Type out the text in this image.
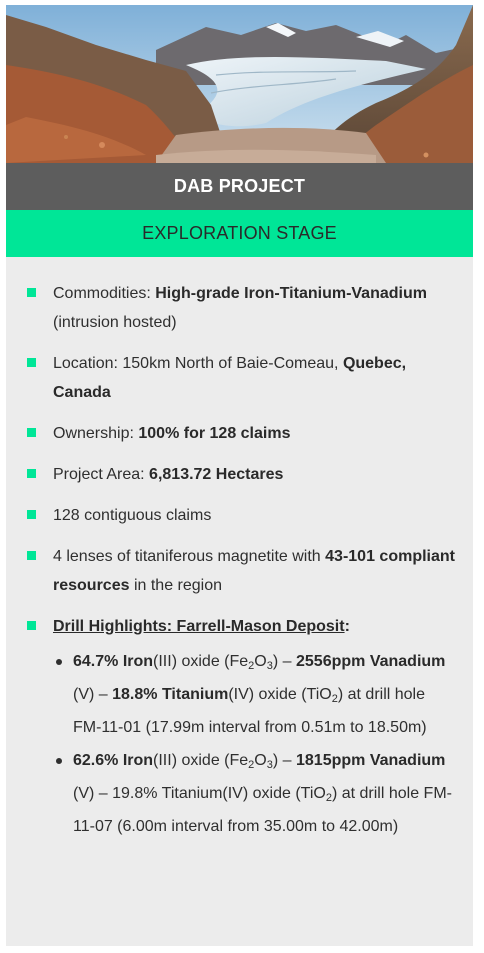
DAB PROJECT
EXPLORATION STAGE
Commodities: High-grade Iron-Titanium-Vanadium (intrusion hosted)
Location: 150km North of Baie-Comeau, Quebec, Canada
Ownership: 100% for 128 claims
Project Area: 6,813.72 Hectares
128 contiguous claims
4 lenses of titaniferous magnetite with 43-101 compliant resources in the region
Drill Highlights: Farrell-Mason Deposit:
64.7% Iron(III) oxide $(Fe_2O_3) - 2556ppm$ Vanadium (V) – 18.8% Titanium(IV) oxide (TiO$_2$) at drill hole FM-11-01 (17.99m interval from 0.51m to 18.50m)
62.6% Iron(III) oxide $(Fe_2O_3) - 1815ppm$ Vanadium (V) – 19.8% Titanium(IV) oxide (TiO$_2$) at drill hole FM-11-07 (6.00m interval from 35.00m to 42.00m)
